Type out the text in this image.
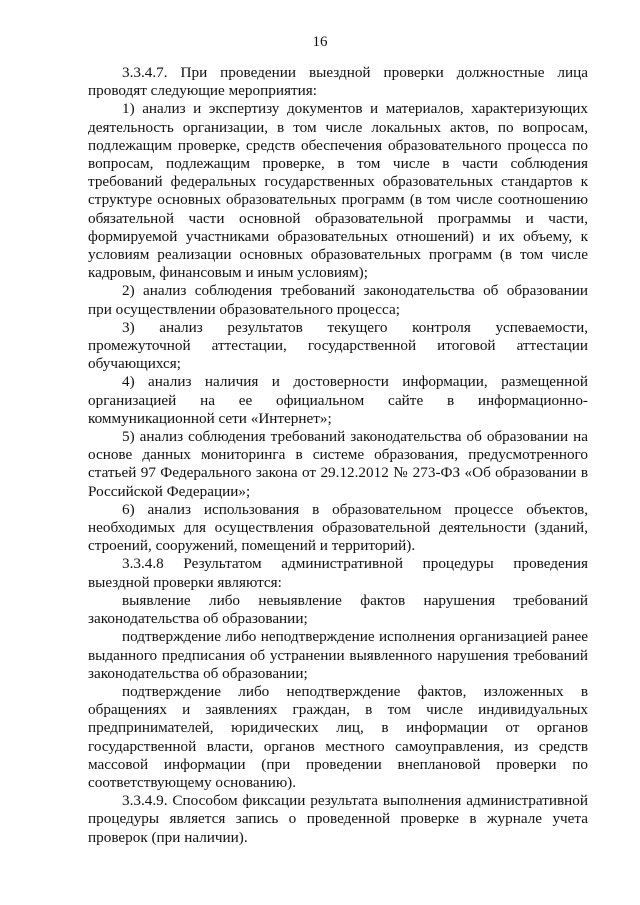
16

3.3.4.7. При проведении выездной проверки должностные лица проводят следующие мероприятия:

1) анализ и экспертизу документов и материалов, характеризующих деятельность организации, в том числе локальных актов, по вопросам, подлежащим проверке, средств обеспечения образовательного процесса по вопросам, подлежащим проверке, в том числе в части соблюдения требований федеральных государственных образовательных стандартов к структуре основных образовательных программ (в том числе соотношению обязательной части основной образовательной программы и части, формируемой участниками образовательных отношений) и их объему, к условиям реализации основных образовательных программ (в том числе кадровым, финансовым и иным условиям);

2) анализ соблюдения требований законодательства об образовании при осуществлении образовательного процесса;

3) анализ результатов текущего контроля успеваемости, промежуточной аттестации, государственной итоговой аттестации обучающихся;

4) анализ наличия и достоверности информации, размещенной организацией на ее официальном сайте в информационно-коммуникационной сети «Интернет»;

5) анализ соблюдения требований законодательства об образовании на основе данных мониторинга в системе образования, предусмотренного статьей 97 Федерального закона от 29.12.2012 № 273-ФЗ «Об образовании в Российской Федерации»;

6) анализ использования в образовательном процессе объектов, необходимых для осуществления образовательной деятельности (зданий, строений, сооружений, помещений и территорий).

3.3.4.8 Результатом административной процедуры проведения выездной проверки являются:

выявление либо невыявление фактов нарушения требований законодательства об образовании;

подтверждение либо неподтверждение исполнения организацией ранее выданного предписания об устранении выявленного нарушения требований законодательства об образовании;

подтверждение либо неподтверждение фактов, изложенных в обращениях и заявлениях граждан, в том числе индивидуальных предпринимателей, юридических лиц, в информации от органов государственной власти, органов местного самоуправления, из средств массовой информации (при проведении внеплановой проверки по соответствующему основанию).

3.3.4.9. Способом фиксации результата выполнения административной процедуры является запись о проведенной проверке в журнале учета проверок (при наличии).
